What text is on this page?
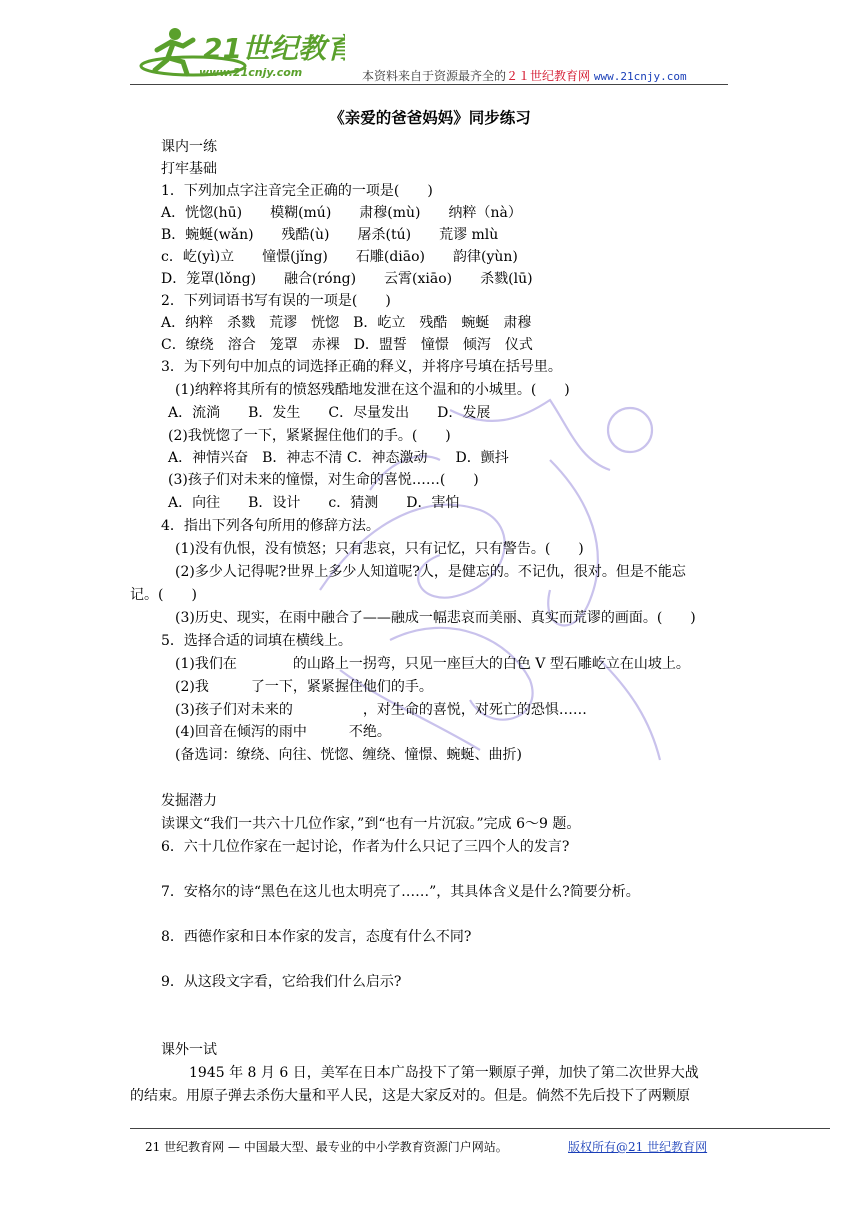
21世纪教育
www.21cnjy.com	本资料来自于资源最齐全的２１世纪教育网 www.21cnjy.com
《亲爱的爸爸妈妈》同步练习
课内一练
打牢基础
1．下列加点字注音完全正确的一项是(　　)
A．恍惚(hū)　　模糊(mú)　　肃穆(mù)　　纳粹（nà）
B．蜿蜒(wǎn)　　残酷(ù)　　屠杀(tú)　　荒谬 mlù
c．屹(yì)立　　憧憬(jǐng)　　石雕(diāo)　　韵律(yùn)
D．笼罩(lǒng)　　融合(róng)　　云霄(xiāo)　　杀戮(lū)
2．下列词语书写有误的一项是(　　)
A．纳粹　杀戮　荒谬　恍惚　B．屹立　残酷　蜿蜒　肃穆
C．缭绕　溶合　笼罩　赤裸　D．盟誓　憧憬　倾泻　仪式
3．为下列句中加点的词选择正确的释义，并将序号填在括号里。
(1)纳粹将其所有的愤怒残酷地发泄在这个温和的小城里。(　　)
A．流淌　　B．发生　　C．尽量发出　　D．发展
(2)我恍惚了一下，紧紧握住他们的手。(　　)
A．神情兴奋　B．神志不清 C．神态激动　　D．颤抖
(3)孩子们对未来的憧憬，对生命的喜悦……(　　)
A．向往　　B．设计　　c．猜测　　D．害怕
4．指出下列各句所用的修辞方法。
(1)没有仇恨，没有愤怒；只有悲哀，只有记忆，只有警告。(　　)
(2)多少人记得呢?世界上多少人知道呢?人，是健忘的。不记仇，很对。但是不能忘
记。(　　)
(3)历史、现实，在雨中融合了——融成一幅悲哀而美丽、真实而荒谬的画面。(　　)
5．选择合适的词填在横线上。
(1)我们在　　　　的山路上一拐弯，只见一座巨大的白色 V 型石雕屹立在山坡上。
(2)我　　　了一下，紧紧握住他们的手。
(3)孩子们对未来的　　　　　，对生命的喜悦，对死亡的恐惧……
(4)回音在倾泻的雨中　　　不绝。
(备选词：缭绕、向往、恍惚、缠绕、憧憬、蜿蜒、曲折)
发掘潜力
读课文“我们一共六十几位作家，”到“也有一片沉寂。”完成 6～9 题。
6．六十几位作家在一起讨论，作者为什么只记了三四个人的发言?
7．安格尔的诗“黑色在这儿也太明亮了……”，其具体含义是什么?简要分析。
8．西德作家和日本作家的发言，态度有什么不同?
9．从这段文字看，它给我们什么启示?
课外一试
1945 年 8 月 6 日，美军在日本广岛投下了第一颗原子弹，加快了第二次世界大战
的结束。用原子弹去杀伤大量和平人民，这是大家反对的。但是。倘然不先后投下了两颗原
21 世纪教育网 — 中国最大型、最专业的中小学教育资源门户网站。	版权所有@21 世纪教育网
